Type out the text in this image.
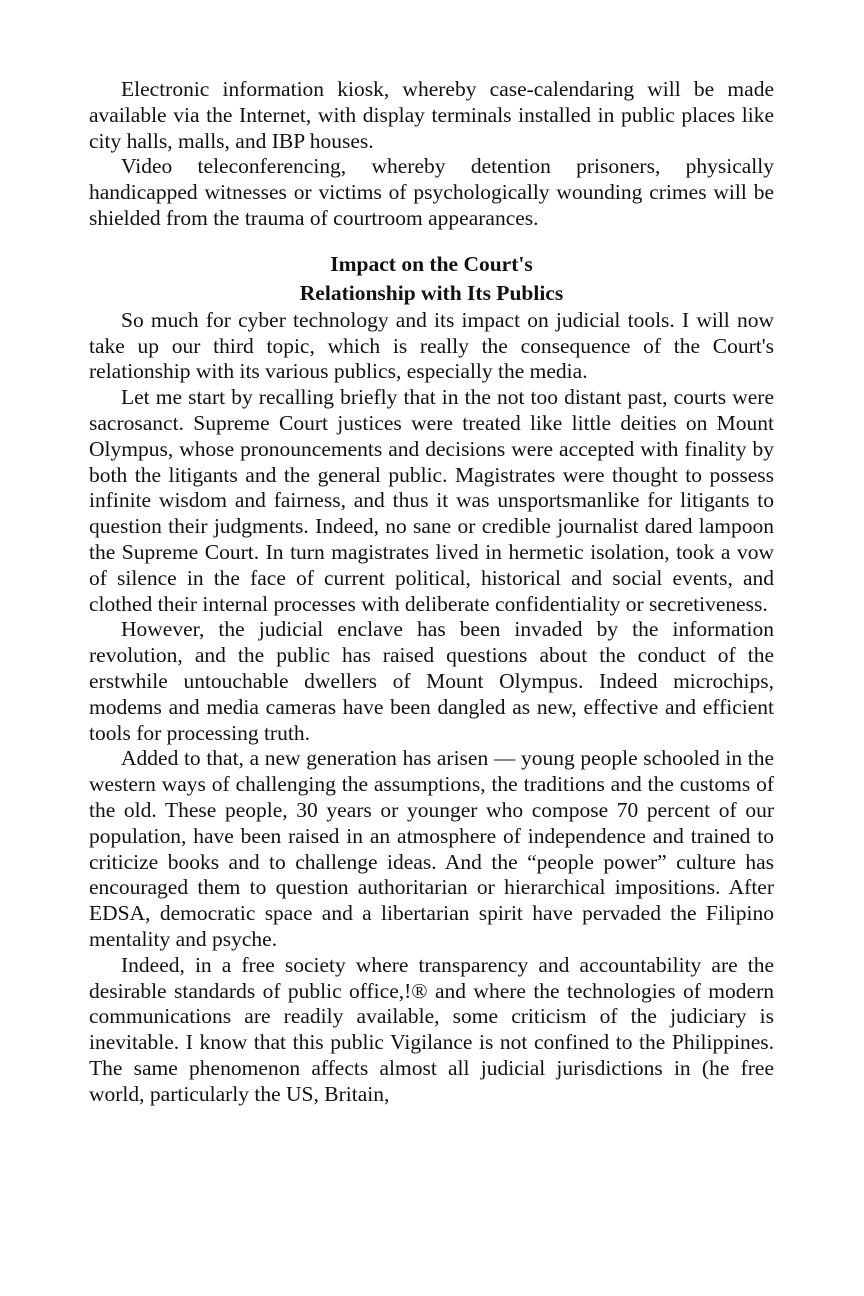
Electronic information kiosk, whereby case-calendaring will be made available via the Internet, with display terminals installed in public places like city halls, malls, and IBP houses.

Video teleconferencing, whereby detention prisoners, physically handicapped witnesses or victims of psychologically wounding crimes will be shielded from the trauma of courtroom appearances.

Impact on the Court's
Relationship with Its Publics

So much for cyber technology and its impact on judicial tools. I will now take up our third topic, which is really the consequence of the Court's relationship with its various publics, especially the media.

Let me start by recalling briefly that in the not too distant past, courts were sacrosanct. Supreme Court justices were treated like little deities on Mount Olympus, whose pronouncements and decisions were accepted with finality by both the litigants and the general public. Magistrates were thought to possess infinite wisdom and fairness, and thus it was unsportsmanlike for litigants to question their judgments. Indeed, no sane or credible journalist dared lampoon the Supreme Court. In turn magistrates lived in hermetic isolation, took a vow of silence in the face of current political, historical and social events, and clothed their internal processes with deliberate confidentiality or secretiveness.

However, the judicial enclave has been invaded by the information revolution, and the public has raised questions about the conduct of the erstwhile untouchable dwellers of Mount Olympus. Indeed microchips, modems and media cameras have been dangled as new, effective and efficient tools for processing truth.

Added to that, a new generation has arisen — young people schooled in the western ways of challenging the assumptions, the traditions and the customs of the old. These people, 30 years or younger who compose 70 percent of our population, have been raised in an atmosphere of independence and trained to criticize books and to challenge ideas. And the “people power” culture has encouraged them to question authoritarian or hierarchical impositions. After EDSA, democratic space and a libertarian spirit have pervaded the Filipino mentality and psyche.

Indeed, in a free society where transparency and accountability are the desirable standards of public office,!® and where the technologies of modern communications are readily available, some criticism of the judiciary is inevitable. I know that this public Vigilance is not confined to the Philippines. The same phenomenon affects almost all judicial jurisdictions in (he free world, particularly the US, Britain,
